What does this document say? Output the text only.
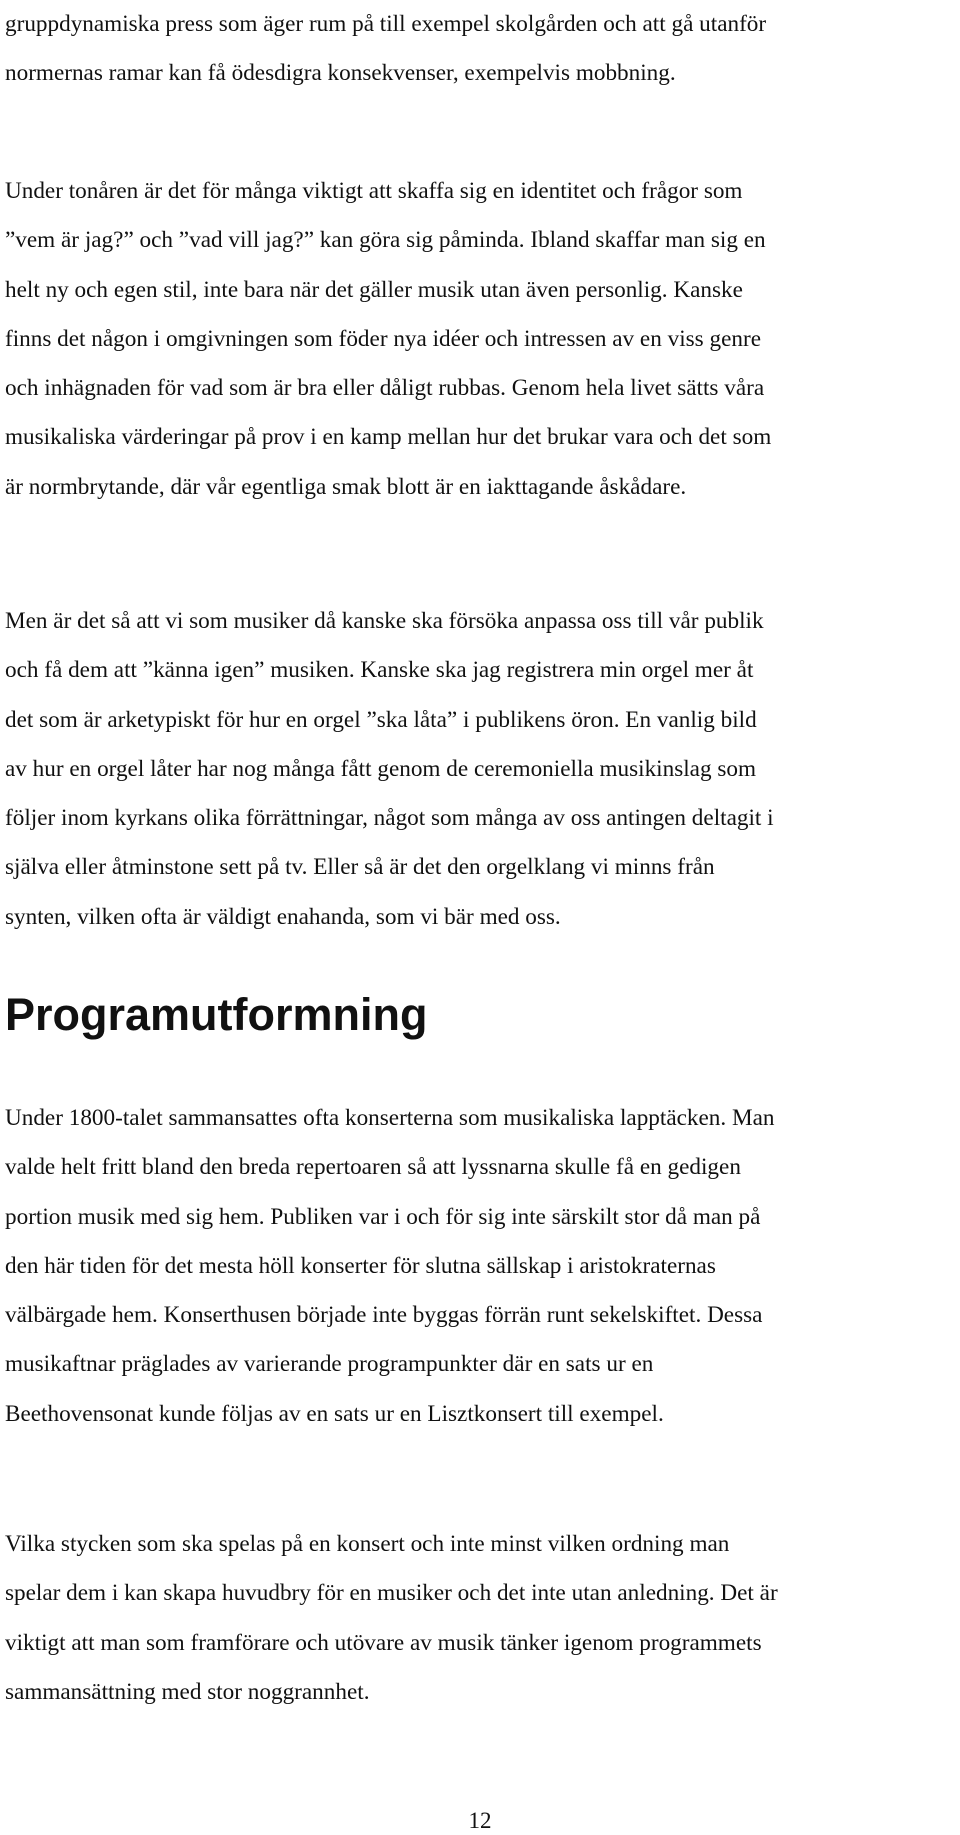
gruppdynamiska press som äger rum på till exempel skolgården och att gå utanför
normernas ramar kan få ödesdigra konsekvenser, exempelvis mobbning.
Under tonåren är det för många viktigt att skaffa sig en identitet och frågor som
”vem är jag?” och ”vad vill jag?” kan göra sig påminda. Ibland skaffar man sig en
helt ny och egen stil, inte bara när det gäller musik utan även personlig. Kanske
finns det någon i omgivningen som föder nya idéer och intressen av en viss genre
och inhägnaden för vad som är bra eller dåligt rubbas. Genom hela livet sätts våra
musikaliska värderingar på prov i en kamp mellan hur det brukar vara och det som
är normbrytande, där vår egentliga smak blott är en iakttagande åskådare.
Men är det så att vi som musiker då kanske ska försöka anpassa oss till vår publik
och få dem att ”känna igen” musiken. Kanske ska jag registrera min orgel mer åt
det som är arketypiskt för hur en orgel ”ska låta” i publikens öron. En vanlig bild
av hur en orgel låter har nog många fått genom de ceremoniella musikinslag som
följer inom kyrkans olika förrättningar, något som många av oss antingen deltagit i
själva eller åtminstone sett på tv. Eller så är det den orgelklang vi minns från
synten, vilken ofta är väldigt enahanda, som vi bär med oss.
Programutformning
Under 1800-talet sammansattes ofta konserterna som musikaliska lapptäcken. Man
valde helt fritt bland den breda repertoaren så att lyssnarna skulle få en gedigen
portion musik med sig hem. Publiken var i och för sig inte särskilt stor då man på
den här tiden för det mesta höll konserter för slutna sällskap i aristokraternas
välbärgade hem. Konserthusen började inte byggas förrän runt sekelskiftet. Dessa
musikaftnar präglades av varierande programpunkter där en sats ur en
Beethovensonat kunde följas av en sats ur en Lisztkonsert till exempel.
Vilka stycken som ska spelas på en konsert och inte minst vilken ordning man
spelar dem i kan skapa huvudbry för en musiker och det inte utan anledning. Det är
viktigt att man som framförare och utövare av musik tänker igenom programmets
sammansättning med stor noggrannhet.
12
